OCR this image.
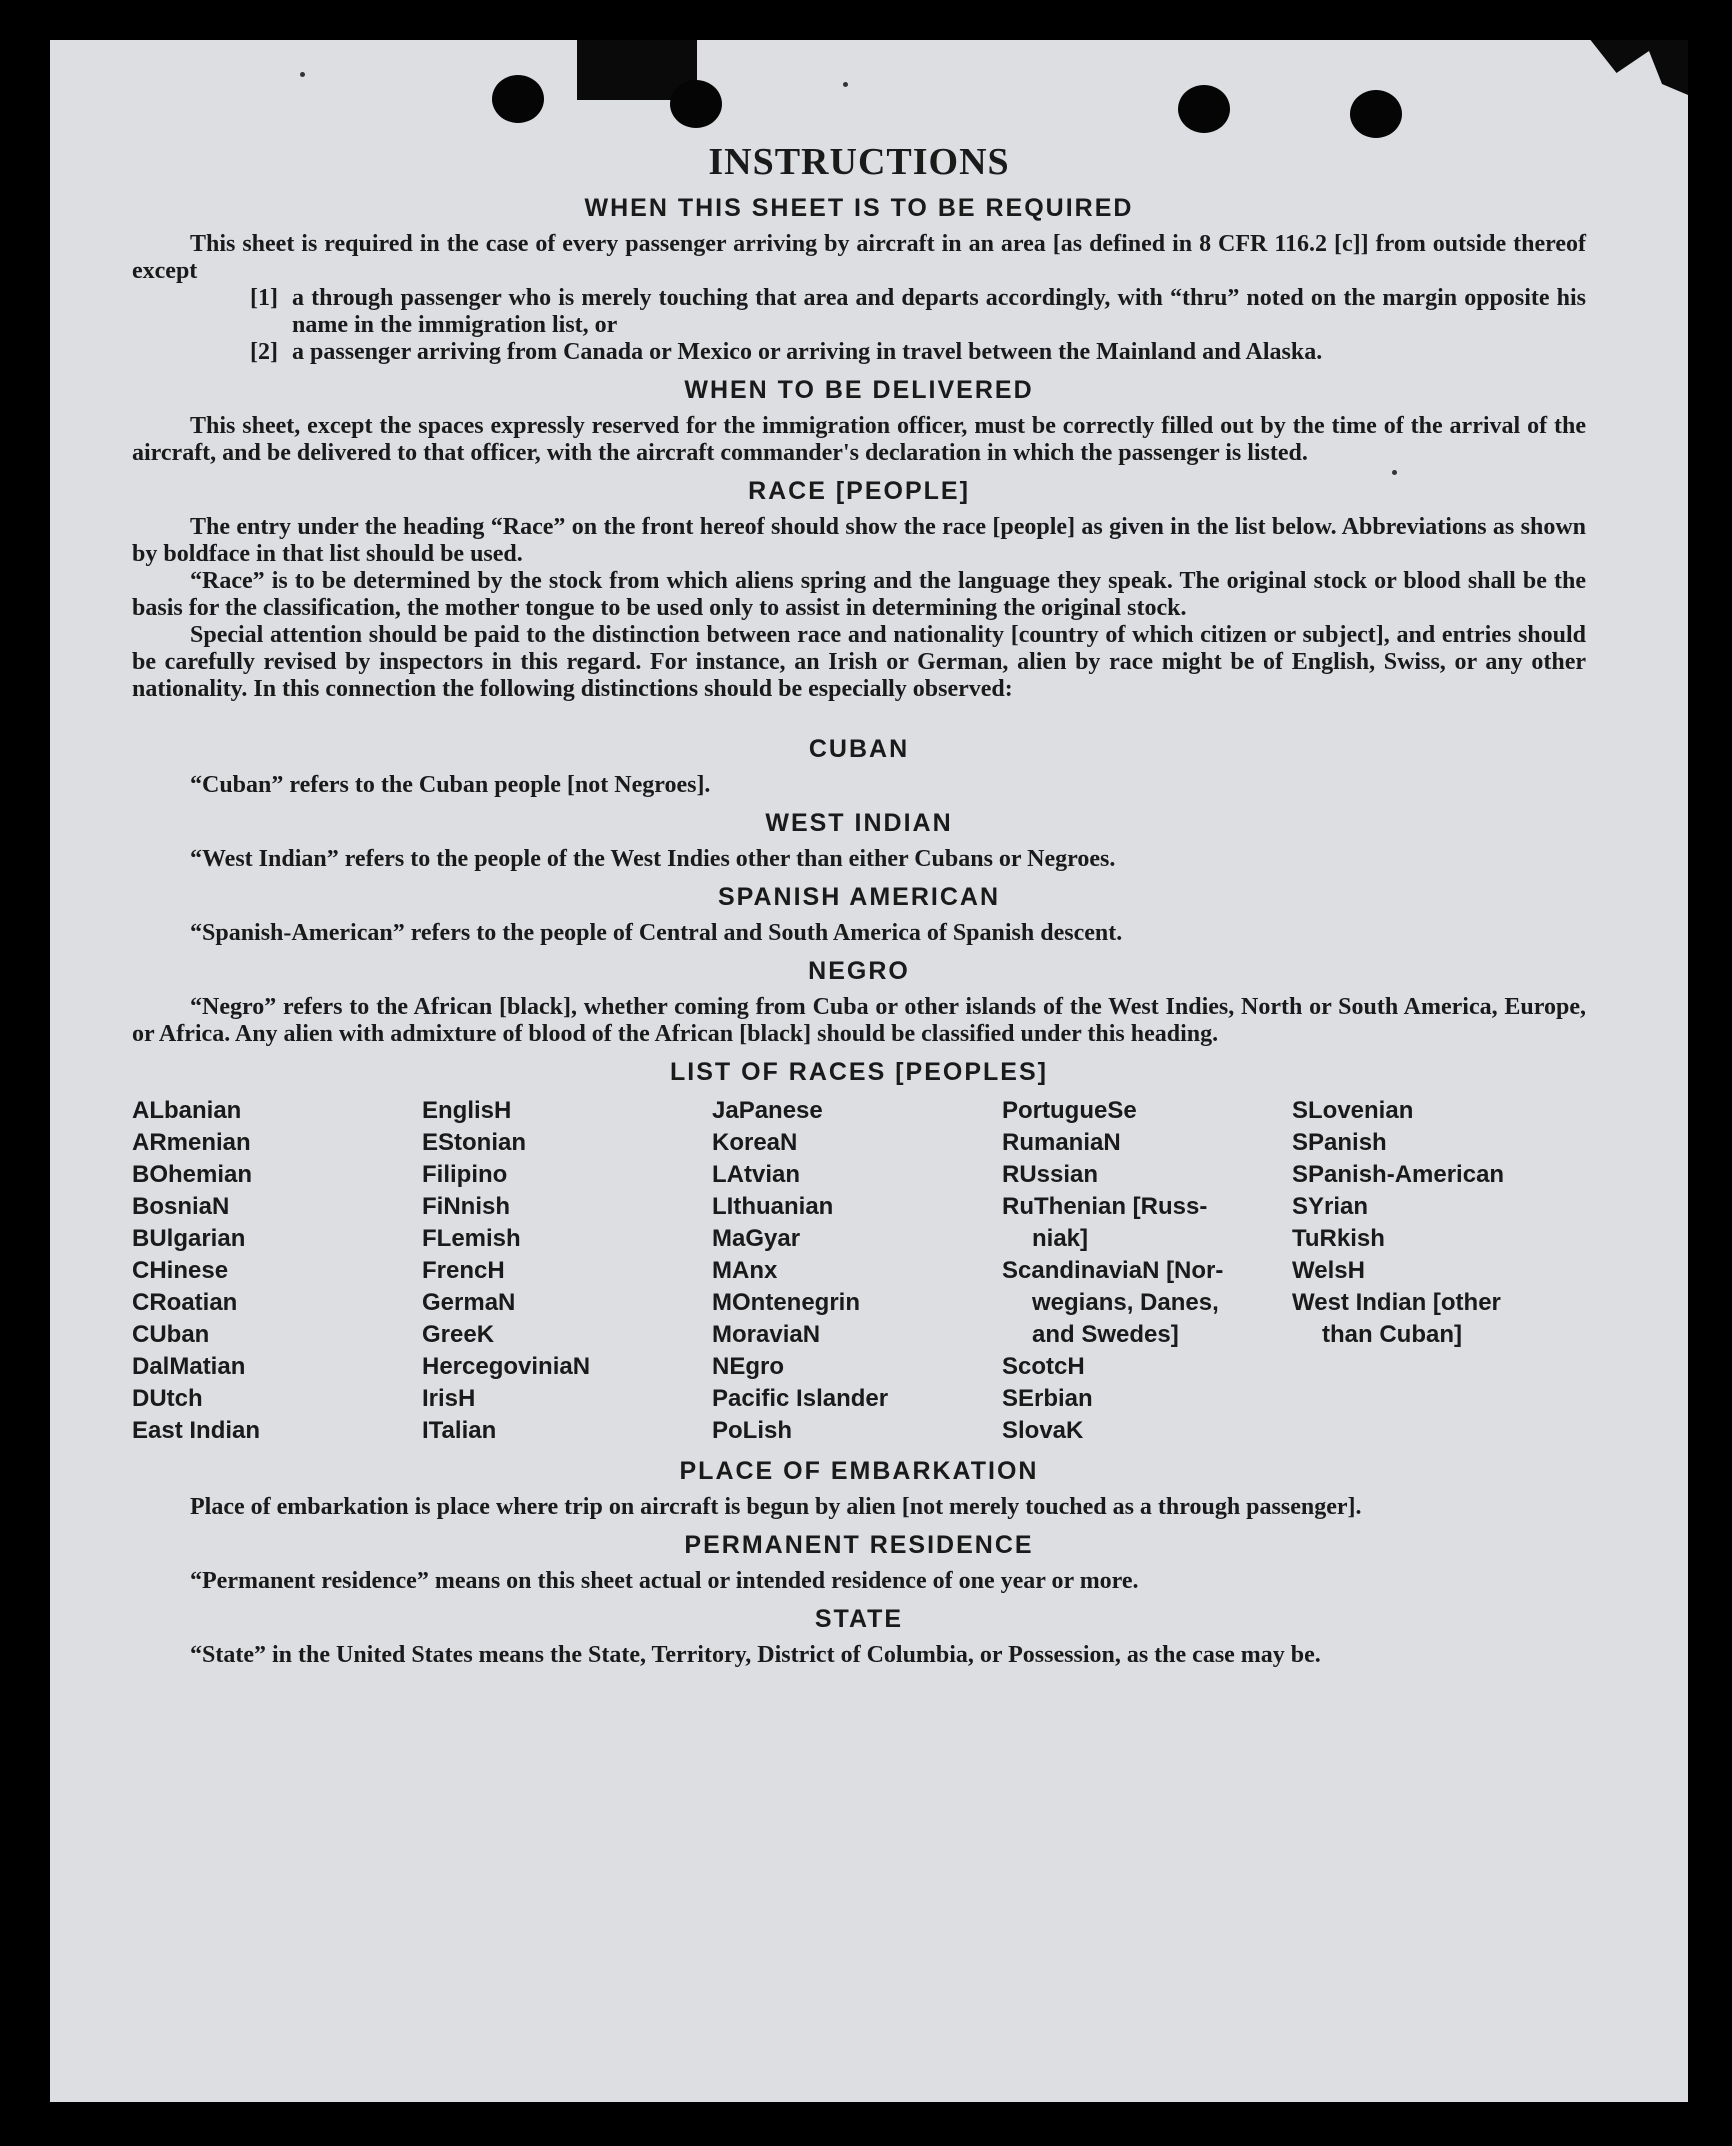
INSTRUCTIONS
WHEN THIS SHEET IS TO BE REQUIRED

This sheet is required in the case of every passenger arriving by aircraft in an area [as defined in 8 CFR 116.2 [c]] from outside thereof except

[1] a through passenger who is merely touching that area and departs accordingly, with “thru” noted on the margin opposite his name in the immigration list, or
[2] a passenger arriving from Canada or Mexico or arriving in travel between the Mainland and Alaska.
WHEN TO BE DELIVERED

This sheet, except the spaces expressly reserved for the immigration officer, must be correctly filled out by the time of the arrival of the aircraft, and be delivered to that officer, with the aircraft commander's declaration in which the passenger is listed.

RACE [PEOPLE]

The entry under the heading “Race” on the front hereof should show the race [people] as given in the list below. Abbreviations as shown by boldface in that list should be used.

“Race” is to be determined by the stock from which aliens spring and the language they speak. The original stock or blood shall be the basis for the classification, the mother tongue to be used only to assist in determining the original stock.

Special attention should be paid to the distinction between race and nationality [country of which citizen or subject], and entries should be carefully revised by inspectors in this regard. For instance, an Irish or German, alien by race might be of English, Swiss, or any other nationality. In this connection the following distinctions should be especially observed:

CUBAN

“Cuban” refers to the Cuban people [not Negroes].

WEST INDIAN

“West Indian” refers to the people of the West Indies other than either Cubans or Negroes.

SPANISH AMERICAN

“Spanish-American” refers to the people of Central and South America of Spanish descent.

NEGRO

“Negro” refers to the African [black], whether coming from Cuba or other islands of the West Indies, North or South America, Europe, or Africa. Any alien with admixture of blood of the African [black] should be classified under this heading.

LIST OF RACES [PEOPLES]
ALbanian
ARmenian
BOhemian
BosniaN
BUlgarian
CHinese
CRoatian
CUban
DalMatian
DUtch
East Indian
EnglisH
EStonian
Filipino
FiNnish
FLemish
FrencH
GermaN
GreeK
HercegoviniaN
IrisH
ITalian
JaPanese
KoreaN
LAtvian
LIthuanian
MaGyar
MAnx
MOntenegrin
MoraviaN
NEgro
Pacific Islander
PoLish
PortugueSe
RumaniaN
RUssian
RuThenian [Russ-
niak]
ScandinaviaN [Nor-
wegians, Danes,
and Swedes]
ScotcH
SErbian
SlovaK
SLovenian
SPanish
SPanish-American
SYrian
TuRkish
WelsH
West Indian [other
than Cuban]
PLACE OF EMBARKATION

Place of embarkation is place where trip on aircraft is begun by alien [not merely touched as a through passenger].

PERMANENT RESIDENCE

“Permanent residence” means on this sheet actual or intended residence of one year or more.

STATE

“State” in the United States means the State, Territory, District of Columbia, or Possession, as the case may be.
